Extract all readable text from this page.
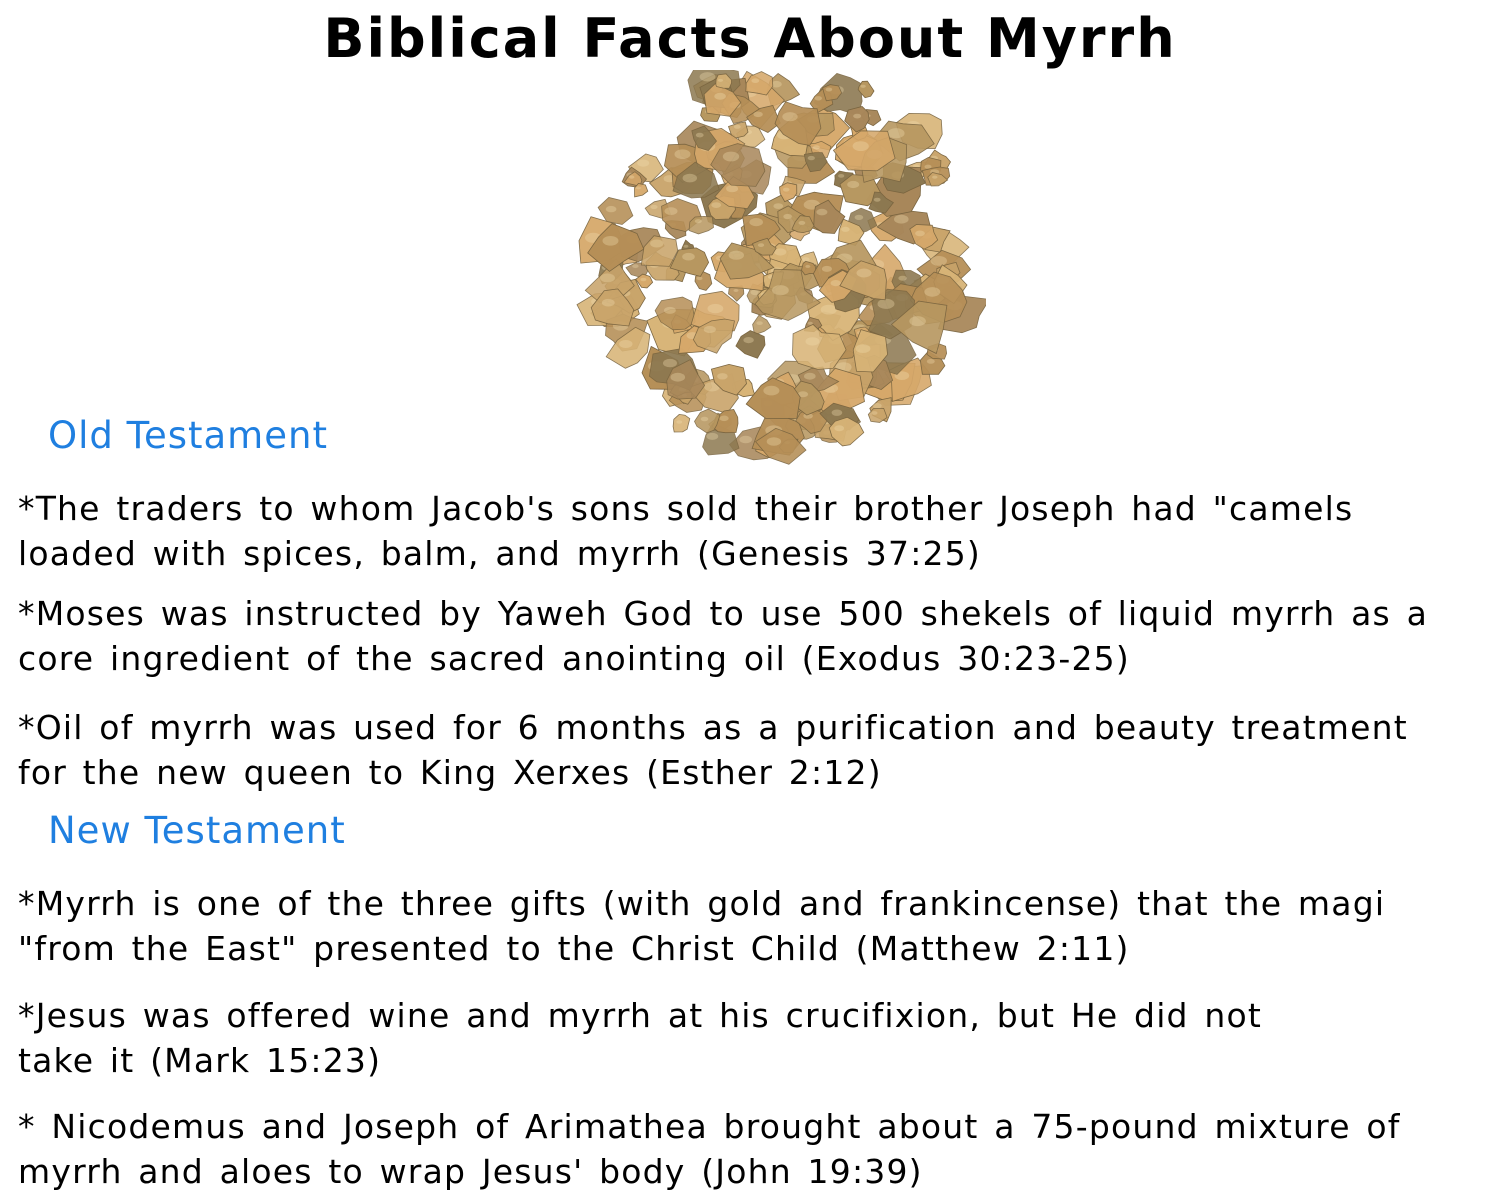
Biblical Facts About Myrrh
Old Testament

*The traders to whom Jacob's sons sold their brother Joseph had "camels
loaded with spices, balm, and myrrh (Genesis 37:25)

*Moses was instructed by Yaweh God to use 500 shekels of liquid myrrh as a
core ingredient of the sacred anointing oil (Exodus 30:23-25)

*Oil of myrrh was used for 6 months as a purification and beauty treatment
for the new queen to King Xerxes (Esther 2:12)

New Testament

*Myrrh is one of the three gifts (with gold and frankincense) that the magi
"from the East" presented to the Christ Child (Matthew 2:11)

*Jesus was offered wine and myrrh at his crucifixion, but He did not
take it (Mark 15:23)

* Nicodemus and Joseph of Arimathea brought about a 75-pound mixture of
myrrh and aloes to wrap Jesus' body (John 19:39)
